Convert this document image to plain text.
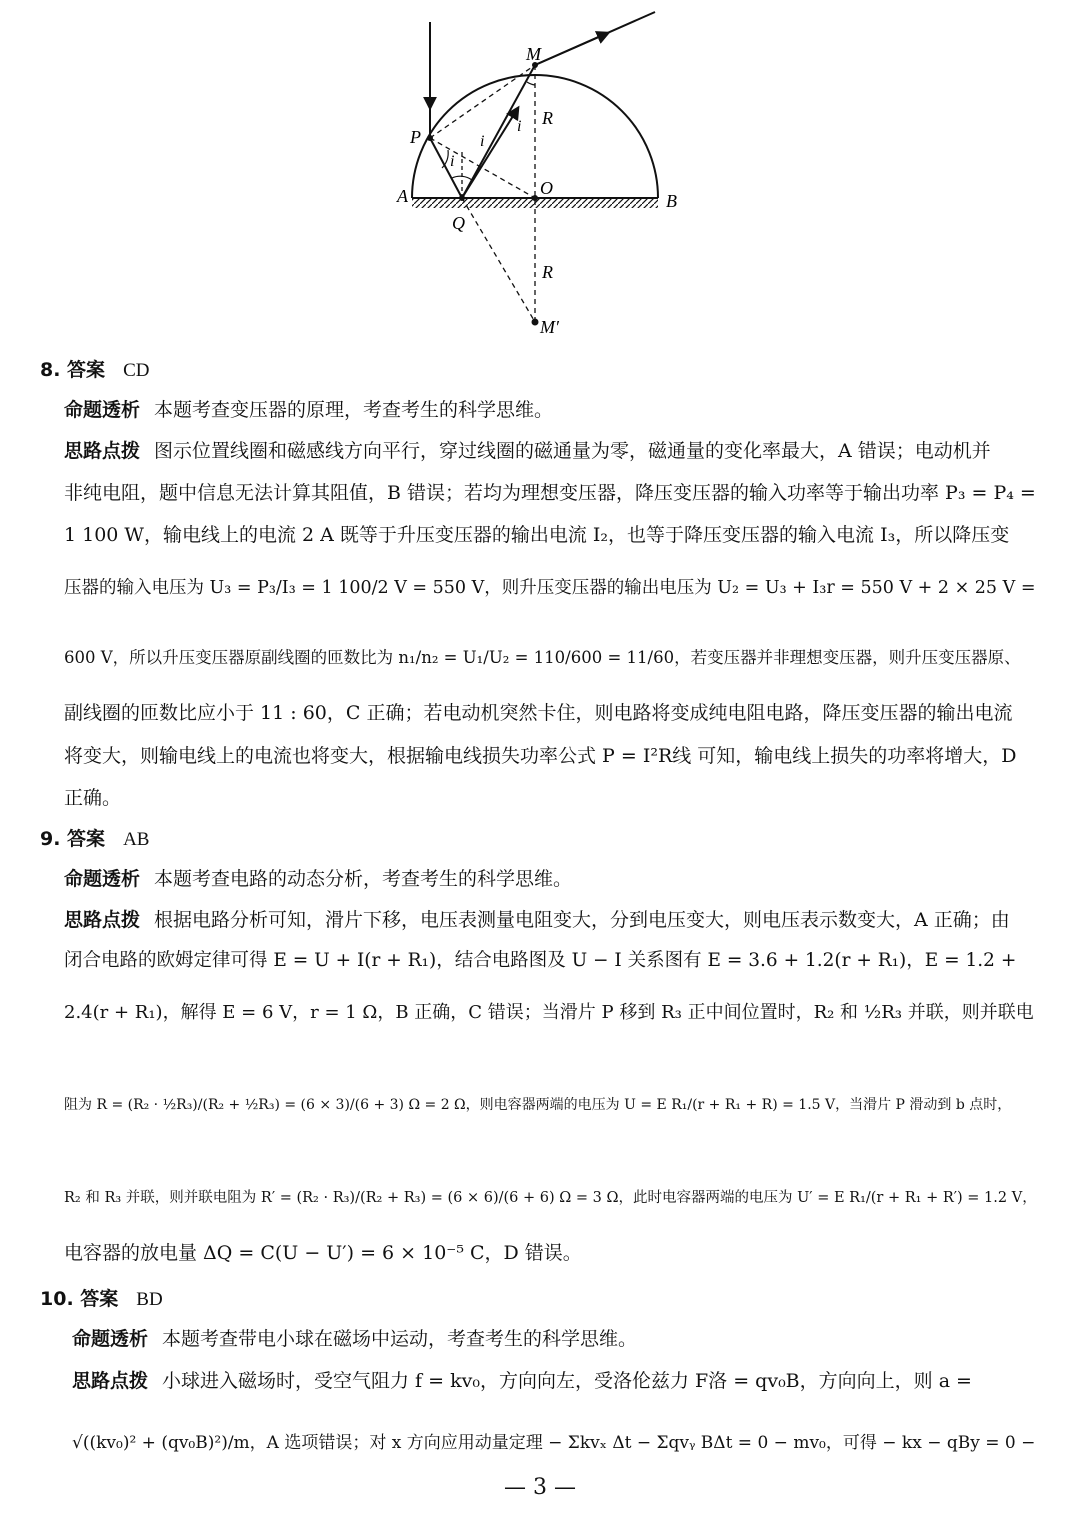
M
P
R
i
i
i
A	O
B
Q
R
M′
8. 答案 CD
命题透析 本题考查变压器的原理，考查考生的科学思维。
思路点拨 图示位置线圈和磁感线方向平行，穿过线圈的磁通量为零，磁通量的变化率最大，A 错误；电动机并
非纯电阻，题中信息无法计算其阻值，B 错误；若均为理想变压器，降压变压器的输入功率等于输出功率 P₃ = P₄ =
1 100 W，输电线上的电流 2 A 既等于升压变压器的输出电流 I₂，也等于降压变压器的输入电流 I₃，所以降压变
压器的输入电压为 U₃ = P₃/I₃ = 1 100/2 V = 550 V，则升压变压器的输出电压为 U₂ = U₃ + I₃r = 550 V + 2 × 25 V =
600 V，所以升压变压器原副线圈的匝数比为 n₁/n₂ = U₁/U₂ = 110/600 = 11/60，若变压器并非理想变压器，则升压变压器原、
副线圈的匝数比应小于 11 : 60，C 正确；若电动机突然卡住，则电路将变成纯电阻电路，降压变压器的输出电流
将变大，则输电线上的电流也将变大，根据输电线损失功率公式 P = I²R线 可知，输电线上损失的功率将增大，D
正确。
9. 答案 AB
命题透析 本题考查电路的动态分析，考查考生的科学思维。
思路点拨 根据电路分析可知，滑片下移，电压表测量电阻变大，分到电压变大，则电压表示数变大，A 正确；由
闭合电路的欧姆定律可得 E = U + I(r + R₁)，结合电路图及 U − I 关系图有 E = 3.6 + 1.2(r + R₁)，E = 1.2 +
2.4(r + R₁)，解得 E = 6 V，r = 1 Ω，B 正确，C 错误；当滑片 P 移到 R₃ 正中间位置时，R₂ 和 ½R₃ 并联，则并联电
阻为 R = (R₂ · ½R₃)/(R₂ + ½R₃) = (6 × 3)/(6 + 3) Ω = 2 Ω，则电容器两端的电压为 U = E R₁/(r + R₁ + R) = 1.5 V，当滑片 P 滑动到 b 点时，
R₂ 和 R₃ 并联，则并联电阻为 R′ = (R₂ · R₃)/(R₂ + R₃) = (6 × 6)/(6 + 6) Ω = 3 Ω，此时电容器两端的电压为 U′ = E R₁/(r + R₁ + R′) = 1.2 V，
电容器的放电量 ΔQ = C(U − U′) = 6 × 10⁻⁵ C，D 错误。
10. 答案 BD
命题透析 本题考查带电小球在磁场中运动，考查考生的科学思维。
思路点拨 小球进入磁场时，受空气阻力 f = kv₀，方向向左，受洛伦兹力 F洛 = qv₀B，方向向上，则 a =
√((kv₀)² + (qv₀B)²)/m，A 选项错误；对 x 方向应用动量定理 − Σkvₓ Δt − Σqvᵧ BΔt = 0 − mv₀，可得 − kx − qBy = 0 −
— 3 —
